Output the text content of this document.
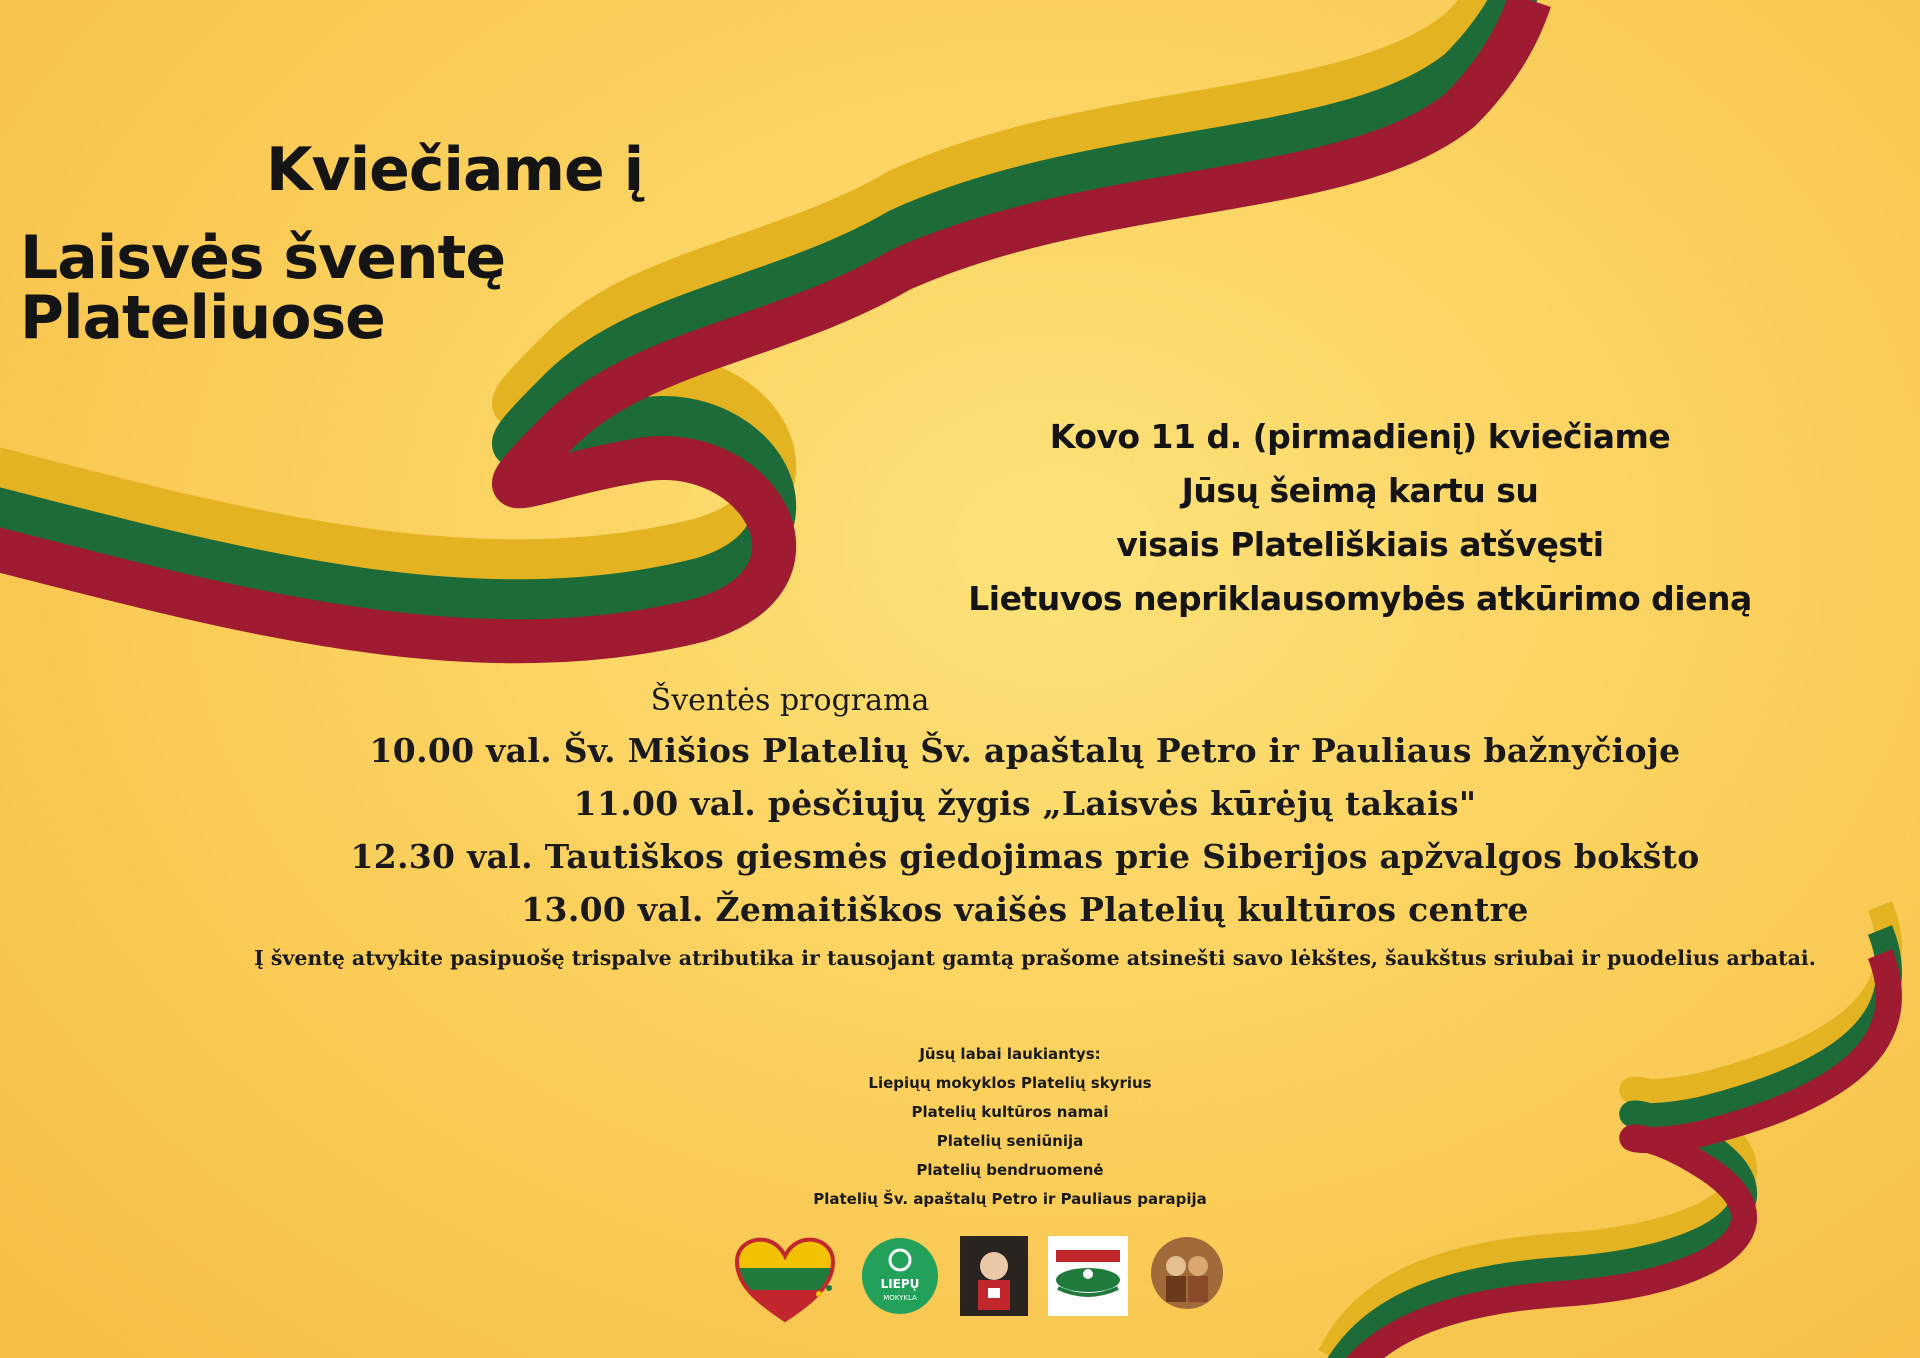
Kviečiame į
Laisvės šventę Plateliuose
Kovo 11 d. (pirmadienį) kviečiame
Jūsų šeimą kartu su
visais Plateliškiais atšvęsti
Lietuvos nepriklausomybės atkūrimo dieną
Šventės programa
10.00 val. Šv. Mišios Platelių Šv. apaštalų Petro ir Pauliaus bažnyčioje
11.00 val. pėsčiųjų žygis „Laisvės kūrėjų takais"
12.30 val. Tautiškos giesmės giedojimas prie Siberijos apžvalgos bokšto
13.00 val. Žemaitiškos vaišės Platelių kultūros centre
Į šventę atvykite pasipuošę trispalve atributika ir tausojant gamtą prašome atsinešti savo lėkštes, šaukštus sriubai ir puodelius arbatai.
Jūsų labai laukiantys:
Liepiųų mokyklos Platelių skyrius
Platelių kultūros namai
Platelių seniūnija
Platelių bendruomenė
Platelių Šv. apaštalų Petro ir Pauliaus parapija
LIEPŲ
MOKYKLA
